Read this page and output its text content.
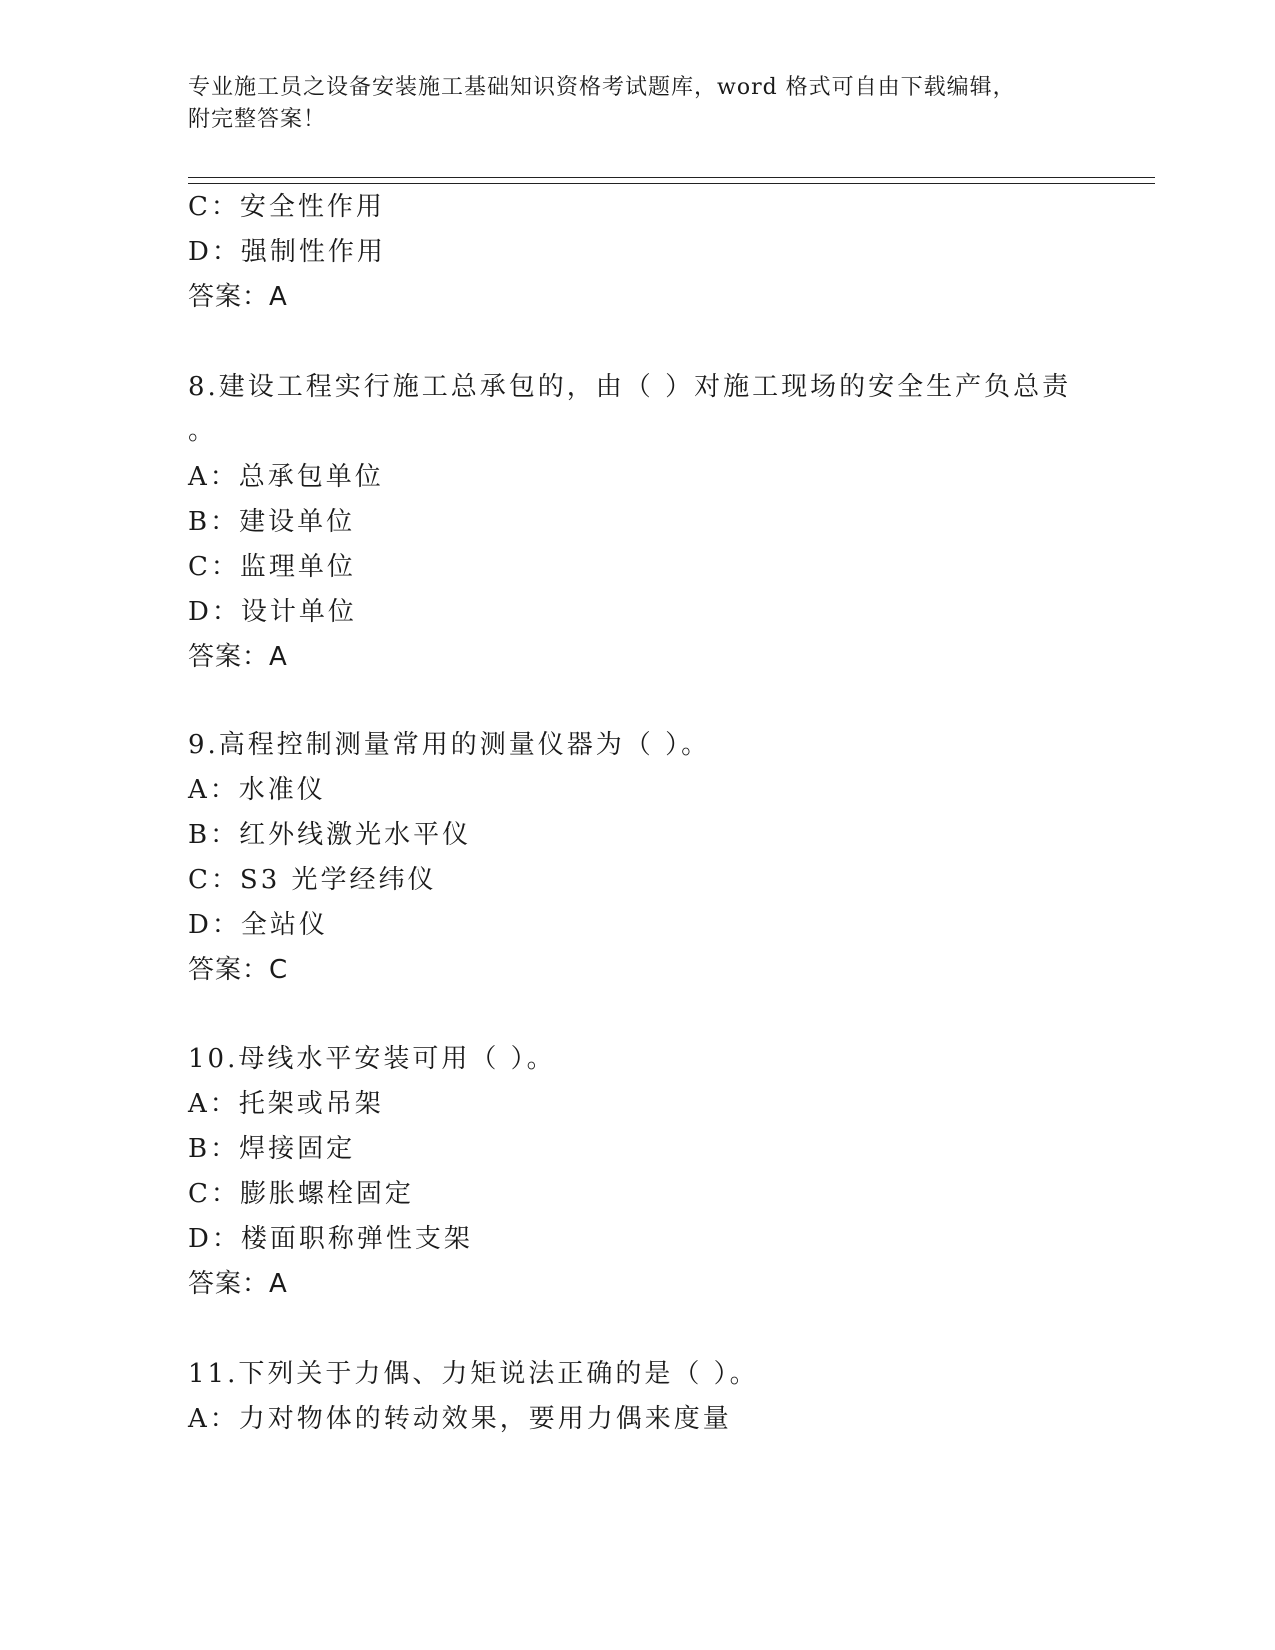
专业施工员之设备安装施工基础知识资格考试题库，word 格式可自由下载编辑，
附完整答案！
C：安全性作用
D：强制性作用
答案：A
8.建设工程实行施工总承包的，由（ ）对施工现场的安全生产负总责
。
A：总承包单位
B：建设单位
C：监理单位
D：设计单位
答案：A
9.高程控制测量常用的测量仪器为（ ）。
A：水准仪
B：红外线激光水平仪
C：S3 光学经纬仪
D：全站仪
答案：C
10.母线水平安装可用（ ）。
A：托架或吊架
B：焊接固定
C：膨胀螺栓固定
D：楼面职称弹性支架
答案：A
11.下列关于力偶、力矩说法正确的是（ ）。
A：力对物体的转动效果，要用力偶来度量
